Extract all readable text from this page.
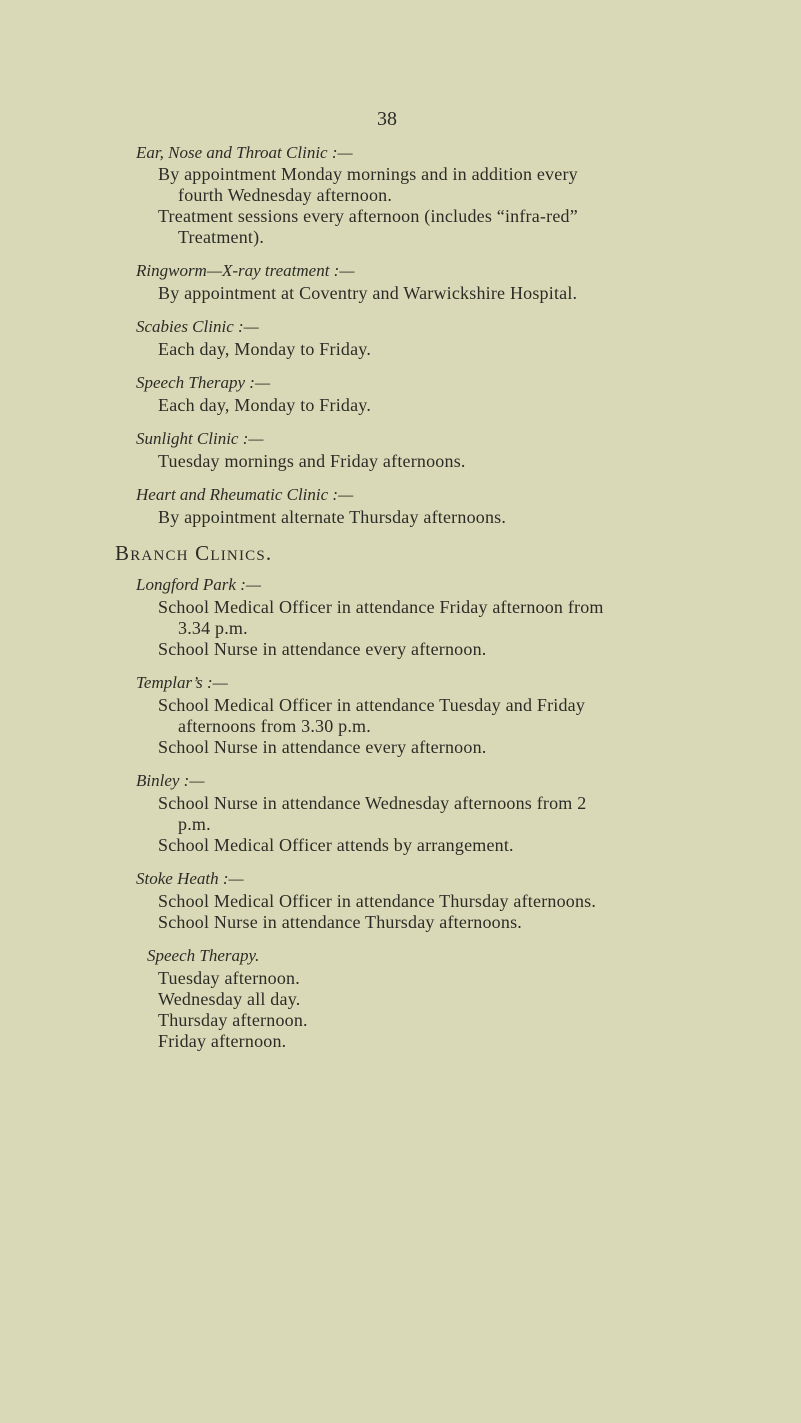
38
Ear, Nose and Throat Clinic :—
By appointment Monday mornings and in addition every
fourth Wednesday afternoon.
Treatment sessions every afternoon (includes “infra-red”
Treatment).
Ringworm—X-ray treatment :—
By appointment at Coventry and Warwickshire Hospital.
Scabies Clinic :—
Each day, Monday to Friday.
Speech Therapy :—
Each day, Monday to Friday.
Sunlight Clinic :—
Tuesday mornings and Friday afternoons.
Heart and Rheumatic Clinic :—
By appointment alternate Thursday afternoons.
Branch Clinics.
Longford Park :—
School Medical Officer in attendance Friday afternoon from
3.34 p.m.
School Nurse in attendance every afternoon.
Templar’s :—
School Medical Officer in attendance Tuesday and Friday
afternoons from 3.30 p.m.
School Nurse in attendance every afternoon.
Binley :—
School Nurse in attendance Wednesday afternoons from 2
p.m.
School Medical Officer attends by arrangement.
Stoke Heath :—
School Medical Officer in attendance Thursday afternoons.
School Nurse in attendance Thursday afternoons.
Speech Therapy.
Tuesday afternoon.
Wednesday all day.
Thursday afternoon.
Friday afternoon.
